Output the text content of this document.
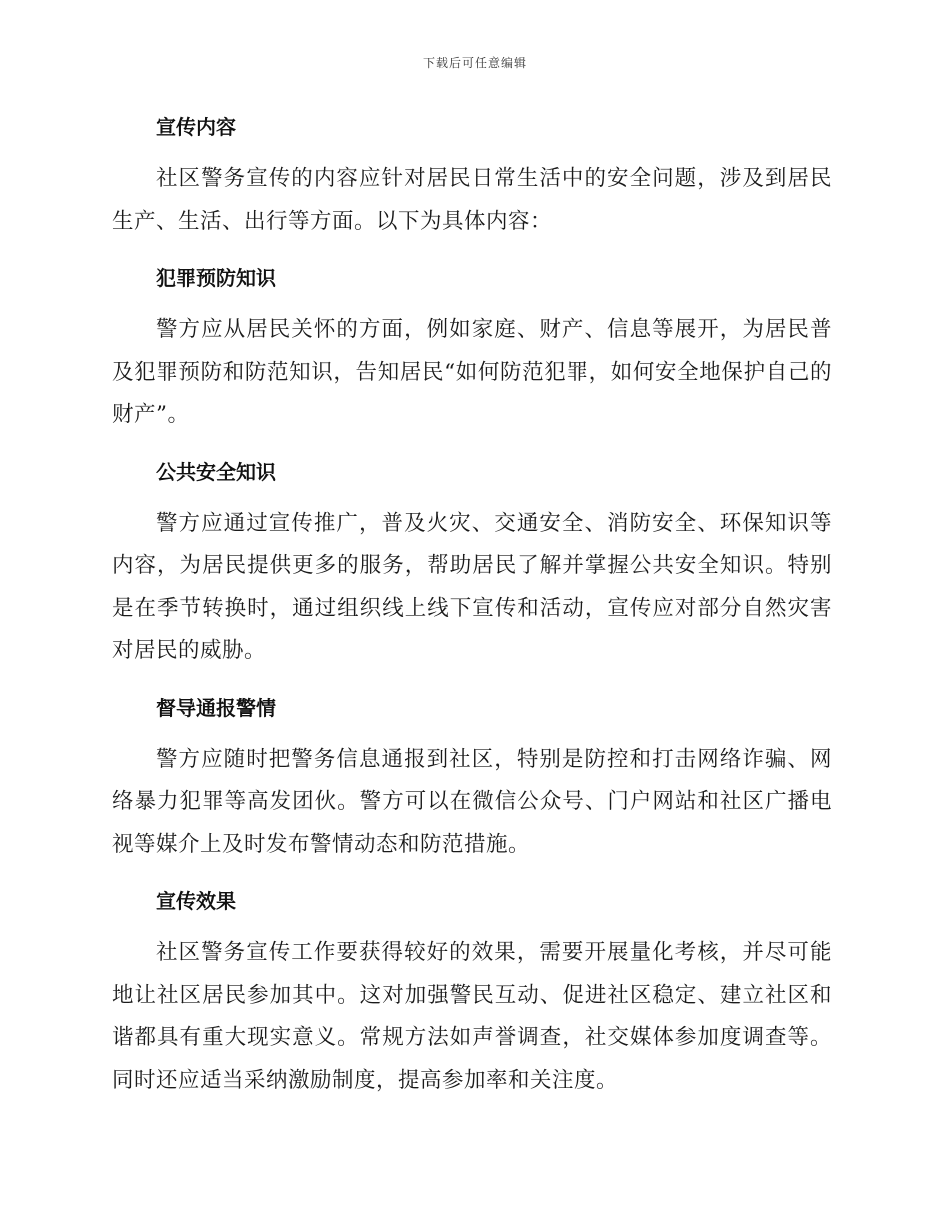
下载后可任意编辑
宣传内容

社区警务宣传的内容应针对居民日常生活中的安全问题，涉及到居民生产、生活、出行等方面。以下为具体内容：

犯罪预防知识

警方应从居民关怀的方面，例如家庭、财产、信息等展开，为居民普及犯罪预防和防范知识，告知居民“如何防范犯罪，如何安全地保护自己的财产”。

公共安全知识

警方应通过宣传推广，普及火灾、交通安全、消防安全、环保知识等内容，为居民提供更多的服务，帮助居民了解并掌握公共安全知识。特别是在季节转换时，通过组织线上线下宣传和活动，宣传应对部分自然灾害对居民的威胁。

督导通报警情

警方应随时把警务信息通报到社区，特别是防控和打击网络诈骗、网络暴力犯罪等高发团伙。警方可以在微信公众号、门户网站和社区广播电视等媒介上及时发布警情动态和防范措施。

宣传效果

社区警务宣传工作要获得较好的效果，需要开展量化考核，并尽可能地让社区居民参加其中。这对加强警民互动、促进社区稳定、建立社区和谐都具有重大现实意义。常规方法如声誉调查，社交媒体参加度调查等。同时还应适当采纳激励制度，提高参加率和关注度。
